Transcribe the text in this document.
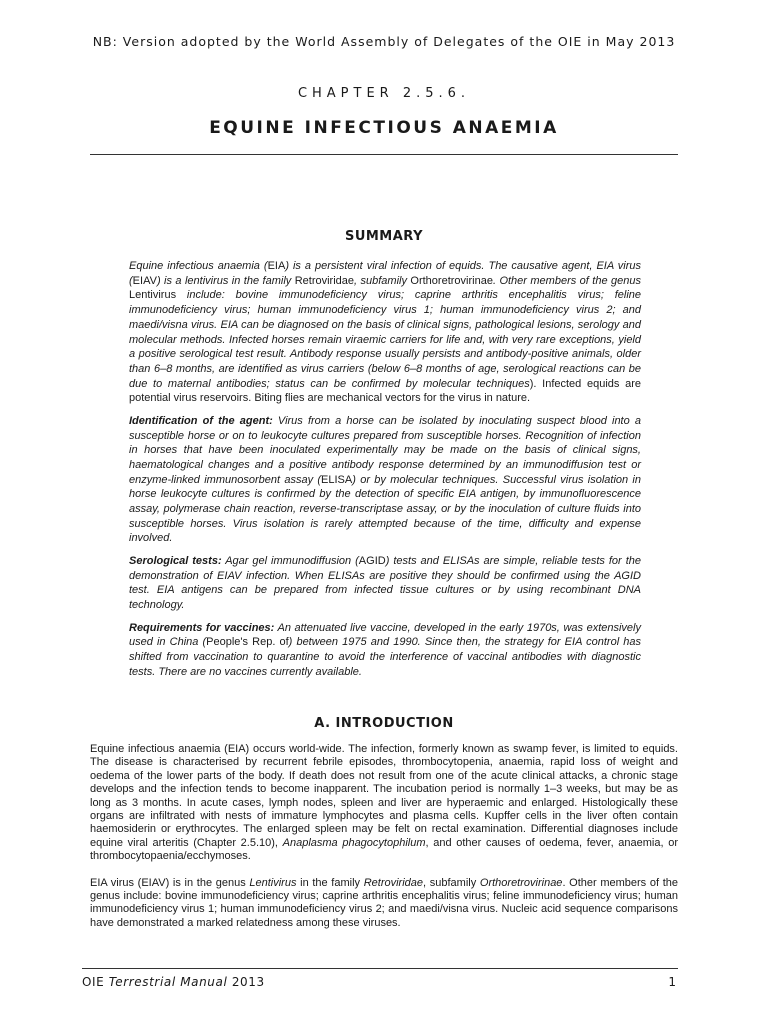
NB: Version adopted by the World Assembly of Delegates of the OIE in May 2013
CHAPTER 2.5.6.
EQUINE INFECTIOUS ANAEMIA
SUMMARY

Equine infectious anaemia (EIA) is a persistent viral infection of equids. The causative agent, EIA virus (EIAV) is a lentivirus in the family Retroviridae, subfamily Orthoretrovirinae. Other members of the genus Lentivirus include: bovine immunodeficiency virus; caprine arthritis encephalitis virus; feline immunodeficiency virus; human immunodeficiency virus 1; human immunodeficiency virus 2; and maedi/visna virus. EIA can be diagnosed on the basis of clinical signs, pathological lesions, serology and molecular methods. Infected horses remain viraemic carriers for life and, with very rare exceptions, yield a positive serological test result. Antibody response usually persists and antibody-positive animals, older than 6–8 months, are identified as virus carriers (below 6–8 months of age, serological reactions can be due to maternal antibodies; status can be confirmed by molecular techniques). Infected equids are potential virus reservoirs. Biting flies are mechanical vectors for the virus in nature.

Identification of the agent: Virus from a horse can be isolated by inoculating suspect blood into a susceptible horse or on to leukocyte cultures prepared from susceptible horses. Recognition of infection in horses that have been inoculated experimentally may be made on the basis of clinical signs, haematological changes and a positive antibody response determined by an immunodiffusion test or enzyme-linked immunosorbent assay (ELISA) or by molecular techniques. Successful virus isolation in horse leukocyte cultures is confirmed by the detection of specific EIA antigen, by immunofluorescence assay, polymerase chain reaction, reverse-transcriptase assay, or by the inoculation of culture fluids into susceptible horses. Virus isolation is rarely attempted because of the time, difficulty and expense involved.

Serological tests: Agar gel immunodiffusion (AGID) tests and ELISAs are simple, reliable tests for the demonstration of EIAV infection. When ELISAs are positive they should be confirmed using the AGID test. EIA antigens can be prepared from infected tissue cultures or by using recombinant DNA technology.

Requirements for vaccines: An attenuated live vaccine, developed in the early 1970s, was extensively used in China (People's Rep. of) between 1975 and 1990. Since then, the strategy for EIA control has shifted from vaccination to quarantine to avoid the interference of vaccinal antibodies with diagnostic tests. There are no vaccines currently available.

A. INTRODUCTION

Equine infectious anaemia (EIA) occurs world-wide. The infection, formerly known as swamp fever, is limited to equids. The disease is characterised by recurrent febrile episodes, thrombocytopenia, anaemia, rapid loss of weight and oedema of the lower parts of the body. If death does not result from one of the acute clinical attacks, a chronic stage develops and the infection tends to become inapparent. The incubation period is normally 1–3 weeks, but may be as long as 3 months. In acute cases, lymph nodes, spleen and liver are hyperaemic and enlarged. Histologically these organs are infiltrated with nests of immature lymphocytes and plasma cells. Kupffer cells in the liver often contain haemosiderin or erythrocytes. The enlarged spleen may be felt on rectal examination. Differential diagnoses include equine viral arteritis (Chapter 2.5.10), Anaplasma phagocytophilum, and other causes of oedema, fever, anaemia, or thrombocytopaenia/ecchymoses.

EIA virus (EIAV) is in the genus Lentivirus in the family Retroviridae, subfamily Orthoretrovirinae. Other members of the genus include: bovine immunodeficiency virus; caprine arthritis encephalitis virus; feline immunodeficiency virus; human immunodeficiency virus 1; human immunodeficiency virus 2; and maedi/visna virus. Nucleic acid sequence comparisons have demonstrated a marked relatedness among these viruses.

OIE Terrestrial Manual 2013	1
